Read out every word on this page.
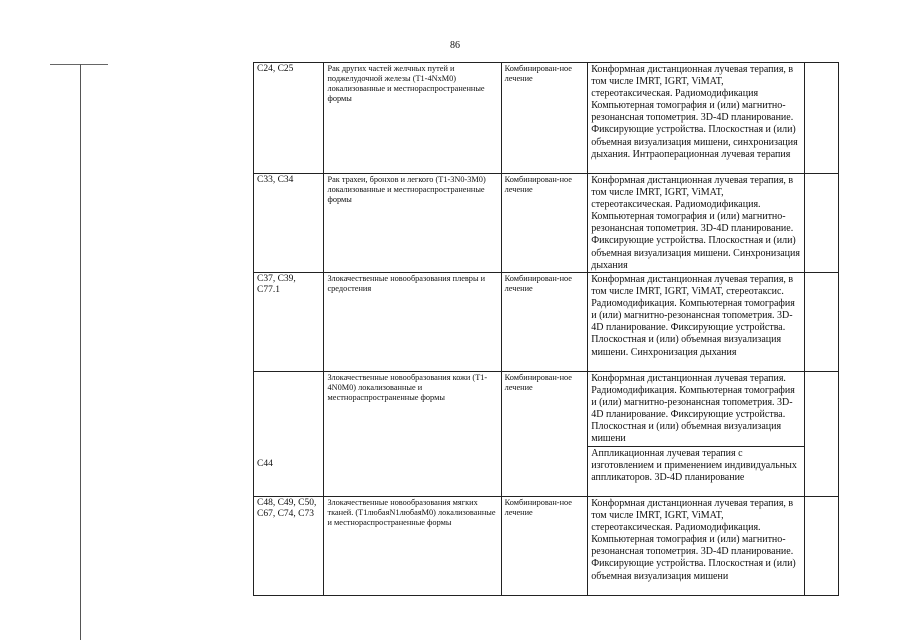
86
C24, C25	Рак других частей желчных путей и поджелудочной железы (T1-4NxM0) локализованные и местнораспространенные формы	Комбинирован-ное лечение	Конформная дистанционная лучевая терапия, в том числе IMRT, IGRT, ViMAT, стереотаксическая. Радиомодификация Компьютерная томография и (или) магнитно-резонансная топометрия. 3D-4D планирование. Фиксирующие устройства. Плоскостная и (или) объемная визуализация мишени, синхронизация дыхания. Интраоперационная лучевая терапия	
C33, C34	Рак трахеи, бронхов и легкого (T1-3N0-3M0) локализованные и местнораспространенные формы	Комбинирован-ное лечение	Конформная дистанционная лучевая терапия, в том числе IMRT, IGRT, ViMAT, стереотаксическая. Радиомодификация. Компьютерная томография и (или) магнитно-резонансная топометрия. 3D-4D планирование. Фиксирующие устройства. Плоскостная и (или) объемная визуализация мишени. Синхронизация дыхания	
C37, C39, C77.1	Злокачественные новообразования плевры и средостения	Комбинирован-ное лечение	Конформная дистанционная лучевая терапия, в том числе IMRT, IGRT, ViMAT, стереотаксис. Радиомодификация. Компьютерная томография и (или) магнитно-резонансная топометрия. 3D-4D планирование. Фиксирующие устройства. Плоскостная и (или) объемная визуализация мишени. Синхронизация дыхания	
C44	Злокачественные новообразования кожи (T1-4N0M0) локализованные и местнораспространенные формы	Комбинирован-ное лечение	Конформная дистанционная лучевая терапия. Радиомодификация. Компьютерная томография и (или) магнитно-резонансная топометрия. 3D-4D планирование. Фиксирующие устройства. Плоскостная и (или) объемная визуализация мишени	
			Аппликационная лучевая терапия с изготовлением и применением индивидуальных аппликаторов. 3D-4D планирование	
C48, C49, C50, C67, C74, C73	Злокачественные новообразования мягких тканей. (T1любаяN1любаяM0) локализованные и местнораспространенные формы	Комбинирован-ное лечение	Конформная дистанционная лучевая терапия, в том числе IMRT, IGRT, ViMAT, стереотаксическая. Радиомодификация. Компьютерная томография и (или) магнитно-резонансная топометрия. 3D-4D планирование. Фиксирующие устройства. Плоскостная и (или) объемная визуализация мишени	
